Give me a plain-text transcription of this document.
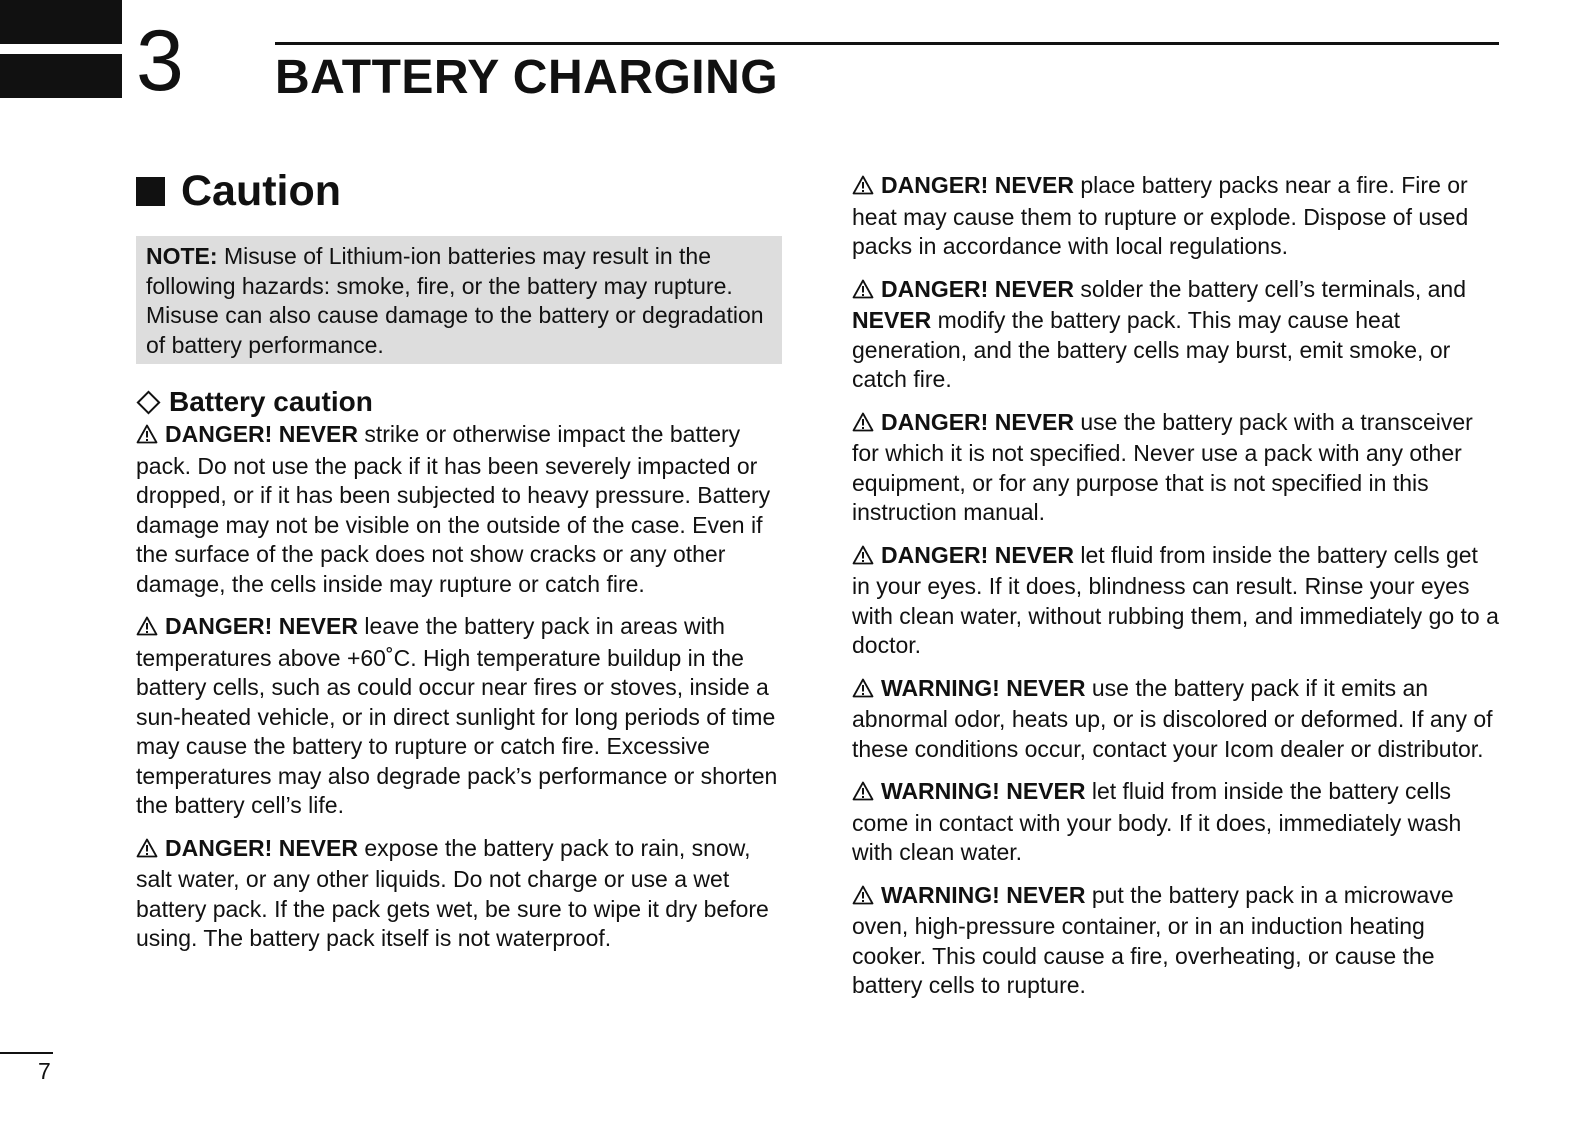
3 BATTERY CHARGING
Caution
NOTE: Misuse of Lithium-ion batteries may result in the following hazards: smoke, fire, or the battery may rupture. Misuse can also cause damage to the battery or degradation of battery performance.
Battery caution

DANGER! NEVER strike or otherwise impact the battery pack. Do not use the pack if it has been severely impacted or dropped, or if it has been subjected to heavy pressure. Battery damage may not be visible on the outside of the case. Even if the surface of the pack does not show cracks or any other damage, the cells inside may rupture or catch fire.

DANGER! NEVER leave the battery pack in areas with temperatures above +60˚C. High temperature buildup in the battery cells, such as could occur near fires or stoves, inside a sun-heated vehicle, or in direct sunlight for long periods of time may cause the battery to rupture or catch fire. Excessive temperatures may also degrade pack’s performance or shorten the battery cell’s life.

DANGER! NEVER expose the battery pack to rain, snow, salt water, or any other liquids. Do not charge or use a wet battery pack. If the pack gets wet, be sure to wipe it dry before using. The battery pack itself is not waterproof.

DANGER! NEVER place battery packs near a fire. Fire or heat may cause them to rupture or explode. Dispose of used packs in accordance with local regulations.

DANGER! NEVER solder the battery cell’s terminals, and NEVER modify the battery pack. This may cause heat generation, and the battery cells may burst, emit smoke, or catch fire.

DANGER! NEVER use the battery pack with a transceiver for which it is not specified. Never use a pack with any other equipment, or for any purpose that is not specified in this instruction manual.

DANGER! NEVER let fluid from inside the battery cells get in your eyes. If it does, blindness can result. Rinse your eyes with clean water, without rubbing them, and immediately go to a doctor.

WARNING! NEVER use the battery pack if it emits an abnormal odor, heats up, or is discolored or deformed. If any of these conditions occur, contact your Icom dealer or distributor.

WARNING! NEVER let fluid from inside the battery cells come in contact with your body. If it does, immediately wash with clean water.

WARNING! NEVER put the battery pack in a microwave oven, high-pressure container, or in an induction heating cooker. This could cause a fire, overheating, or cause the battery cells to rupture.

7
